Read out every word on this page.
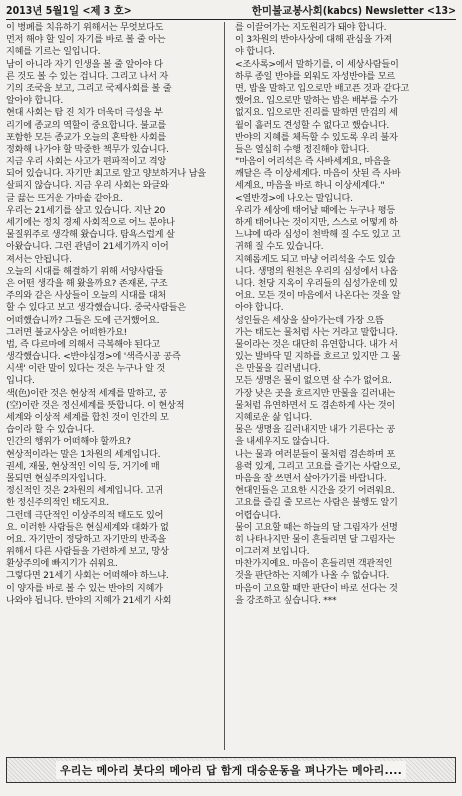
2013년 5월1일 <제 3 호>	한미불교봉사회(kabcs) Newsletter <13>
이 병폐를 치유하기 위해서는 무엇보다도
먼저 해야 할 일이 자기를 바로 볼 줄 아는
지혜를 기르는 일입니다.
남이 아니라 자기 인생을 볼 줄 알아야 다
른 것도 볼 수 있는 겁니다. 그리고 나서 자
기의 조국을 보고, 그리고 국제사회를 볼 줄
알아야 합니다.
현대 사회는 탐 진 치가 더욱더 극성을 부
리기에 종교의 역할이 중요합니다. 불교를
포함한 모든 종교가 오늘의 혼탁한 사회를
정화해 나가야 할 막중한 책무가 있습니다.
지금 우리 사회는 사고가 편파적이고 격앙
되어 있습니다. 자기만 최고로 알고 양보하거나 남을
살피지 않습니다. 지금 우리 사회는 와글와
글 끓는 뜨거운 가마솥 같아요.
우리는 21세기를 살고 있습니다. 지난 20
세기에는 정치 경제 사회적으로 어느 분야나
물질위주로 생각해 왔습니다. 탐욕스럽게 살
아왔습니다. 그런 관념이 21세기까지 이어
져서는 안됩니다.
오늘의 시대를 해결하기 위해 서양사람들
은 어떤 생각을 해 왔을까요? 존재론, 구조
주의와 같은 사상들이 오늘의 시대를 대처
할 수 있다고 보고 생각했습니다. 중국사람들은
어떠했습니까? 그들은 도에 근거했어요.
그러면 불교사상은 어떠한가요!
법, 즉 다르마에 의해서 극복해야 된다고
생각했습니다. <반야심경>에 '색즉시공 공즉
시색' 이란 말이 있다는 것은 누구나 알 것
입니다.
색(色)이란 것은 현상적 세계를 말하고, 공
(空)이란 것은 정신세계를 뜻합니다. 이 현상적
세계와 이상적 세계를 합친 것이 인간의 모
습이라 할 수 있습니다.
인간의 행위가 어떠해야 할까요?
현상적이라는 말은 1차원의 세계입니다.
권세, 재물, 현상적인 이익 등, 거기에 매
몰되면 현실주의자입니다.
정신적인 것은 2차원의 세계입니다. 고귀
한 정신주의적인 태도지요.
그런데 극단적인 이상주의적 태도도 있어
요. 이러한 사람들은 현실세계와 대화가 없
어요. 자기만이 정당하고 자기만의 반족을
위해서 다른 사람들을 가련하게 보고, 망상
환상주의에 빠지기가 쉬워요.
그렇다면 21세기 사회는 어떠해야 하느냐.
이 양자를 바로 볼 수 있는 반야의 지혜가
나와야 됩니다. 반야의 지혜가 21세기 사회
를 이끌어가는 지도원리가 돼야 합니다.
이 3차원의 반야사상에 대해 관심을 가져
야 합니다.
<조사록>에서 말하기를, 이 세상사람들이
하루 종일 반야를 외워도 자성반야를 모르
면, 밥을 말하고 입으로만 배고픈 것과 같다고
했어요. 입으로만 말하는 밥은 배부를 수가
없지요. 입으로만 진리를 말하면 만겁의 세
월이 흘러도 견성할 수 없다고 했습니다.
반야의 지혜를 체득할 수 있도록 우리 불자
들은 열심히 수행 정진해야 합니다.
"마음이 어리석은 즉 사바세계요, 마음을
깨달은 즉 이상세계다. 마음이 삿된 즉 사바
세계요, 마음을 바로 하니 이상세계다."
<열반경>에 나오는 말입니다.
우리가 세상에 태어날 때에는 누구나 평등
하게 태어나는 것이지만, 스스로 어떻게 하
느냐에 따라 심성이 천박해 질 수도 있고 고
귀해 질 수도 있습니다.
지혜롭게도 되고 마냥 어리석을 수도 있습
니다. 생명의 원천은 우리의 심성에서 나옵
니다. 천당 지옥이 우리들의 심성가운데 있
어요. 모든 것이 마음에서 나온다는 것을 알
아야 합니다.
성인들은 세상을 살아가는데 가장 으뜸
가는 태도는 물처럼 사는 거라고 말합니다.
물이라는 것은 대단히 유연합니다. 내가 서
있는 발바닥 밑 지하를 흐르고 있지만 그 물
은 만물을 길러냅니다.
모든 생명은 물이 없으면 살 수가 없어요.
가장 낮은 곳을 흐르지만 만물을 길러내는
물처럼 유연하면서 도 겸손하게 사는 것이
지혜로운 삶 입니다.
물은 생명을 길러내지만 내가 기른다는 공
을 내세우지도 않습니다.
나는 물과 여러분들이 물처럼 겸손하며 포
용력 있게, 그리고 고요를 즐기는 사람으로,
마음을 잘 쓰면서 살아가기를 바랍니다.
현대인들은 고요한 시간을 갖기 어려워요.
고요를 즐길 줄 모르는 사람은 불행도 알기
어렵습니다.
물이 고요할 때는 하늘의 달 그림자가 선명
히 나타나지만 물이 흔들리면 달 그림자는
이그러져 보입니다.
마찬가지예요. 마음이 흔들리면 객관적인
것을 판단하는 지혜가 나올 수 없습니다.
마음이 고요할 때만 판단이 바로 선다는 것
을 강조하고 싶습니다. ***
우리는 메아리 붓다의 메아리 답 함게 대승운동을 펴나가는 메아리....
